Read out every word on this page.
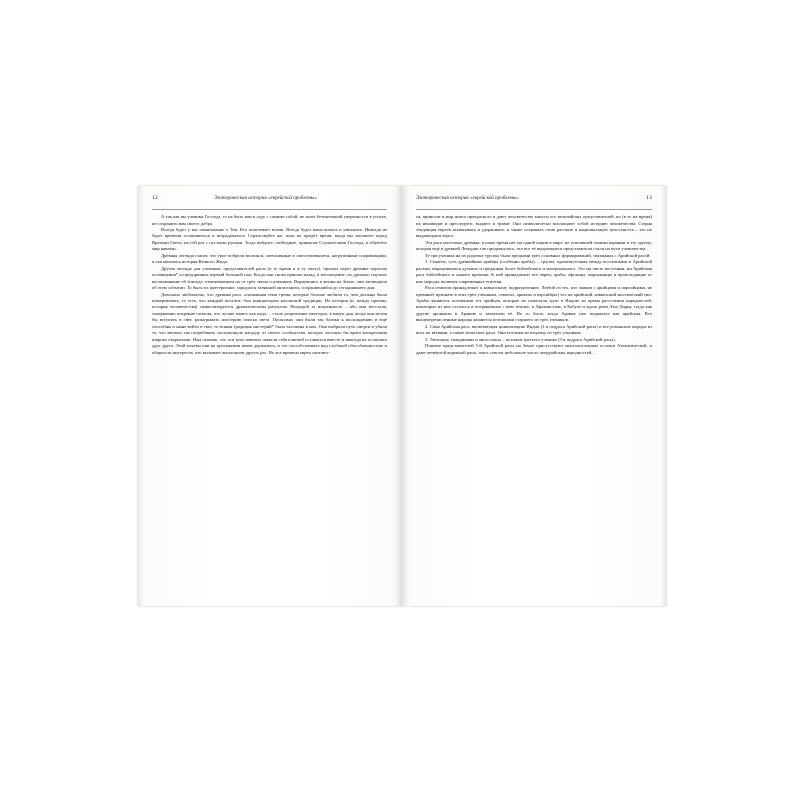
12	Эзотерическая история «еврейской проблемы»

А так как вы ученики Господа, то не быть вам в ладу с самими собой, не знать безмятежной уверенности в успехе, не сохранить вам своего добра.

Всегда будет у вас памятование о Том, Кто повелевает всеми. Всегда будет ваша копить и умножать. Никогда не будет времени остановиться и возрадоваться. Странствуйте же, пока не придёт время, когда вы застанете перед Вратами Света, на сей раз с пустыми руками. Тогда войдите, свободные, принятые Служителями Господа, и обретёте мир навеки».

Древняя легенда гласит, что трое побрели восвояси, опечаленные и ожесточившиеся, нагруженные сокровищами, и так начались история Вечного Жида.

Другая легенда для учеников, представителей расы (в то время и в ту эпоху), прошла через древние порталы посвящения* и предприняла первый большой шаг. Когда они снова пришли назад, в воплощение, их дремало смутное воспоминание об эпизоде, отмежевавшем их от трёх своих соучеников. Вернувшись к жизни на Земле, они заговорили об этом событии. То было их претерпение, зародился затяжной антагонизм, сохранившийся до сегодняшнего дня.

Довольно любопытно, что древняя раса, основанная теми тремя, которые больше любили то, чем должны были пожертвовать, то есть, что каждый получит, был инициатором масонской традиции. Их история (и, между прочим, история человечества) символизируется драматическим ритуалом. Наградой за искренность – ибо они воссталя, совершенно искренне полагая, что лучше знают, как надо, – стало разрешение ежегодно, в канун дня, когда они могли бы вступить в свет, разыгрывать мистерию поиска света. Поскольку они были так близки к восхождению и ещё способны и ныне войти в свет, то всякая традиция мистерий* была заложена в них. Они выбрали путь смерти и убили то, что мешало им потребовать заслуженную награду от своего сообщества, которое застояло бы врата воскресения широко открытыми. Нам сказано, что эти трое навечно связали себя клятвой оставаться вместе и никогда не оставлять друг друга. Этой клятвы они на протяжении веков держались, и это способствовала над глубокой обособленностью и общности интересов, что вызывает антагонизм других рас. Во все времена евреи скитают-

Эзотерическая история «еврейской проблемы»	13

ся, приносят в мир много прекрасного и дают человечеству многих его величайших представителей, но (в то же время) их ненавидят и преследуют, выдают и травят. Они символически воплощают собой историю человечества. Старая тенденция евреев захватывать и удерживать, и также сохранять свою расовую и национальную целостность – это их выдающаяся черта.

Эта раса настолько древняя, в наше время нет ни одной нации в мире, не усвоившей своими корнями в эту группу, которая ещё в древней Лемурии так продвинулась, что все её выдающиеся представители стали на пути ученичества.

Те три ученика на их родовые группы были предками трёх основных формирований, связанных с Арийской расой:

1. Семиты, суть древнейшие арийцы (особенно арабы), – группа, промежуточная между восточными и Арийской расами, выродившаяся духовно и преданная более библейского и материального. Это ни чисто восточная, ни Арийская раса библейского и нашего времени. К ней принадлежат все евреи, арабы, афганцы, марокканцы и происходящие от них народы, включая современных египтян.

Раса семитов принадлежит к кавказскому подразделению. Любой из тех, кто знаком с арийцами и парсийцами, не преминёт признать в этих трёх ученикам, семитах, арияхах и парсийцах) тот же арийский, кавказский мистический тип. Арабы являются потомками тех арийцев, которые не пожелали идти в Индию во время расселения народностей, некоторые из них осталось в пограничных с нею землях: в Афганистане, в Кабуле и вдоль реки Аму-Дарья, тогда как другие проникли в Аравию и захватили её. Но то было, когда Аравия уже подвилась как арийская. Все вышеперечисленные народы являются потомками старшего из трёх учеников.

2. Сама Арийская раса, включающая цивилизацию Индии (1-я подраса Арийской расы) и все романские народы из всех их ветвями, а также кельтские расы. Они потомки во второму из трёх учеников.

3. Тевтонцы, скандинавы и англосаксы – потомки третьего ученика (5-я подраса Арийской расы).

Помимо представителей 5-й Арийской расы на Земле присутствуют многочисленные остатки Атлантической, и даже четвёртой коренной расы, плюс совсем небольшое число лемурийских народностей...
